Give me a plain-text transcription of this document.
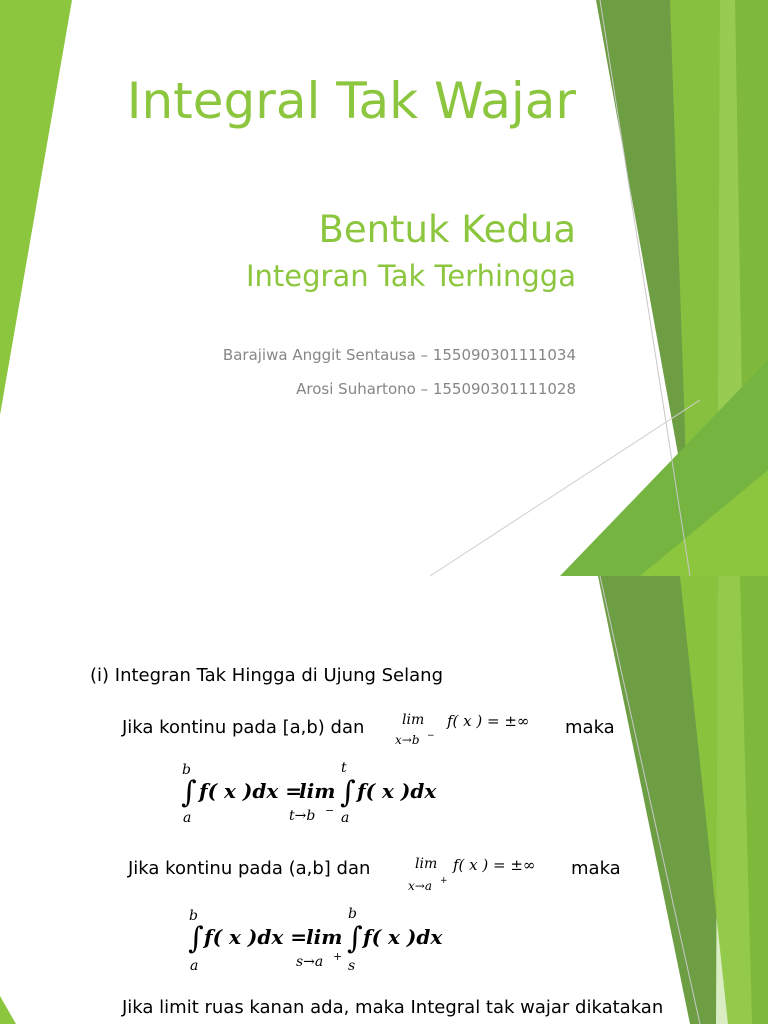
Integral Tak Wajar
Bentuk Kedua
Integran Tak Terhingga
Barajiwa Anggit Sentausa – 155090301111034
Arosi Suhartono – 155090301111028
(i) Integran Tak Hingga di Ujung Selang
Jika kontinu pada [a,b) dan	maka
lim
x→b −
f( x ) = ±∞
b
∫
a
f( x )dx =
lim
t→b −
t
∫
a
f( x )dx
Jika kontinu pada (a,b] dan	maka
lim
x→a +
f( x ) = ±∞
b
∫
a
f( x )dx =
lim
s→a +
b
∫
s
f( x )dx
Jika limit ruas kanan ada, maka Integral tak wajar dikatakan
